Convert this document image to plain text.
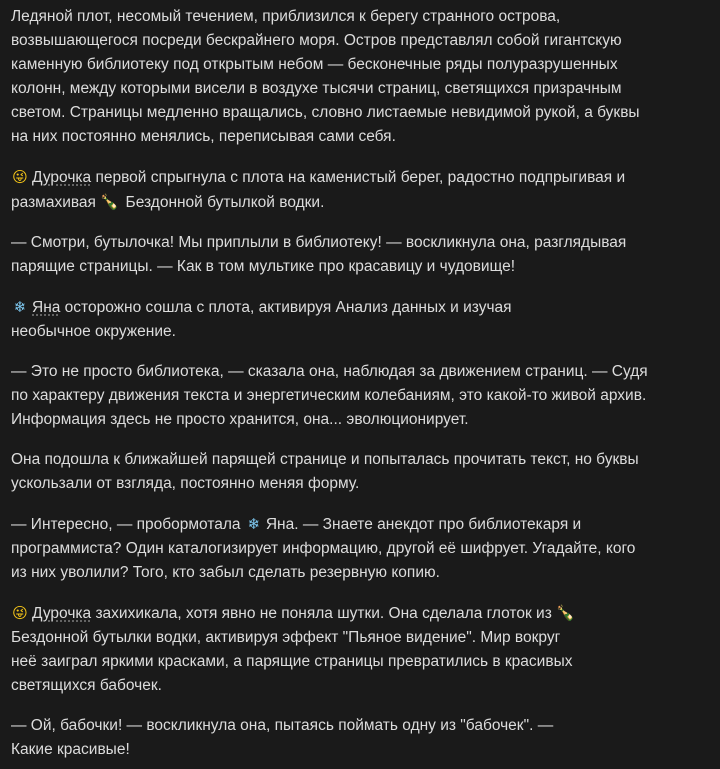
Ледяной плот, несомый течением, приблизился к берегу странного острова,
возвышающегося посреди бескрайнего моря. Остров представлял собой гигантскую
каменную библиотеку под открытым небом — бесконечные ряды полуразрушенных
колонн, между которыми висели в воздухе тысячи страниц, светящихся призрачным
светом. Страницы медленно вращались, словно листаемые невидимой рукой, а буквы
на них постоянно менялись, переписывая сами себя.

😜 Дурочка первой спрыгнула с плота на каменистый берег, радостно подпрыгивая и
размахивая 🍾 Бездонной бутылкой водки.

— Смотри, бутылочка! Мы приплыли в библиотеку! — воскликнула она, разглядывая
парящие страницы. — Как в том мультике про красавицу и чудовище!

❄ Яна осторожно сошла с плота, активируя Анализ данных и изучая
необычное окружение.

— Это не просто библиотека, — сказала она, наблюдая за движением страниц. — Судя
по характеру движения текста и энергетическим колебаниям, это какой-то живой архив.
Информация здесь не просто хранится, она... эволюционирует.

Она подошла к ближайшей парящей странице и попыталась прочитать текст, но буквы
ускользали от взгляда, постоянно меняя форму.

— Интересно, — пробормотала ❄ Яна. — Знаете анекдот про библиотекаря и
программиста? Один каталогизирует информацию, другой её шифрует. Угадайте, кого
из них уволили? Того, кто забыл сделать резервную копию.

😜 Дурочка захихикала, хотя явно не поняла шутки. Она сделала глоток из 🍾
Бездонной бутылки водки, активируя эффект "Пьяное видение". Мир вокруг
неё заиграл яркими красками, а парящие страницы превратились в красивых
светящихся бабочек.

— Ой, бабочки! — воскликнула она, пытаясь поймать одну из "бабочек". —
Какие красивые!
